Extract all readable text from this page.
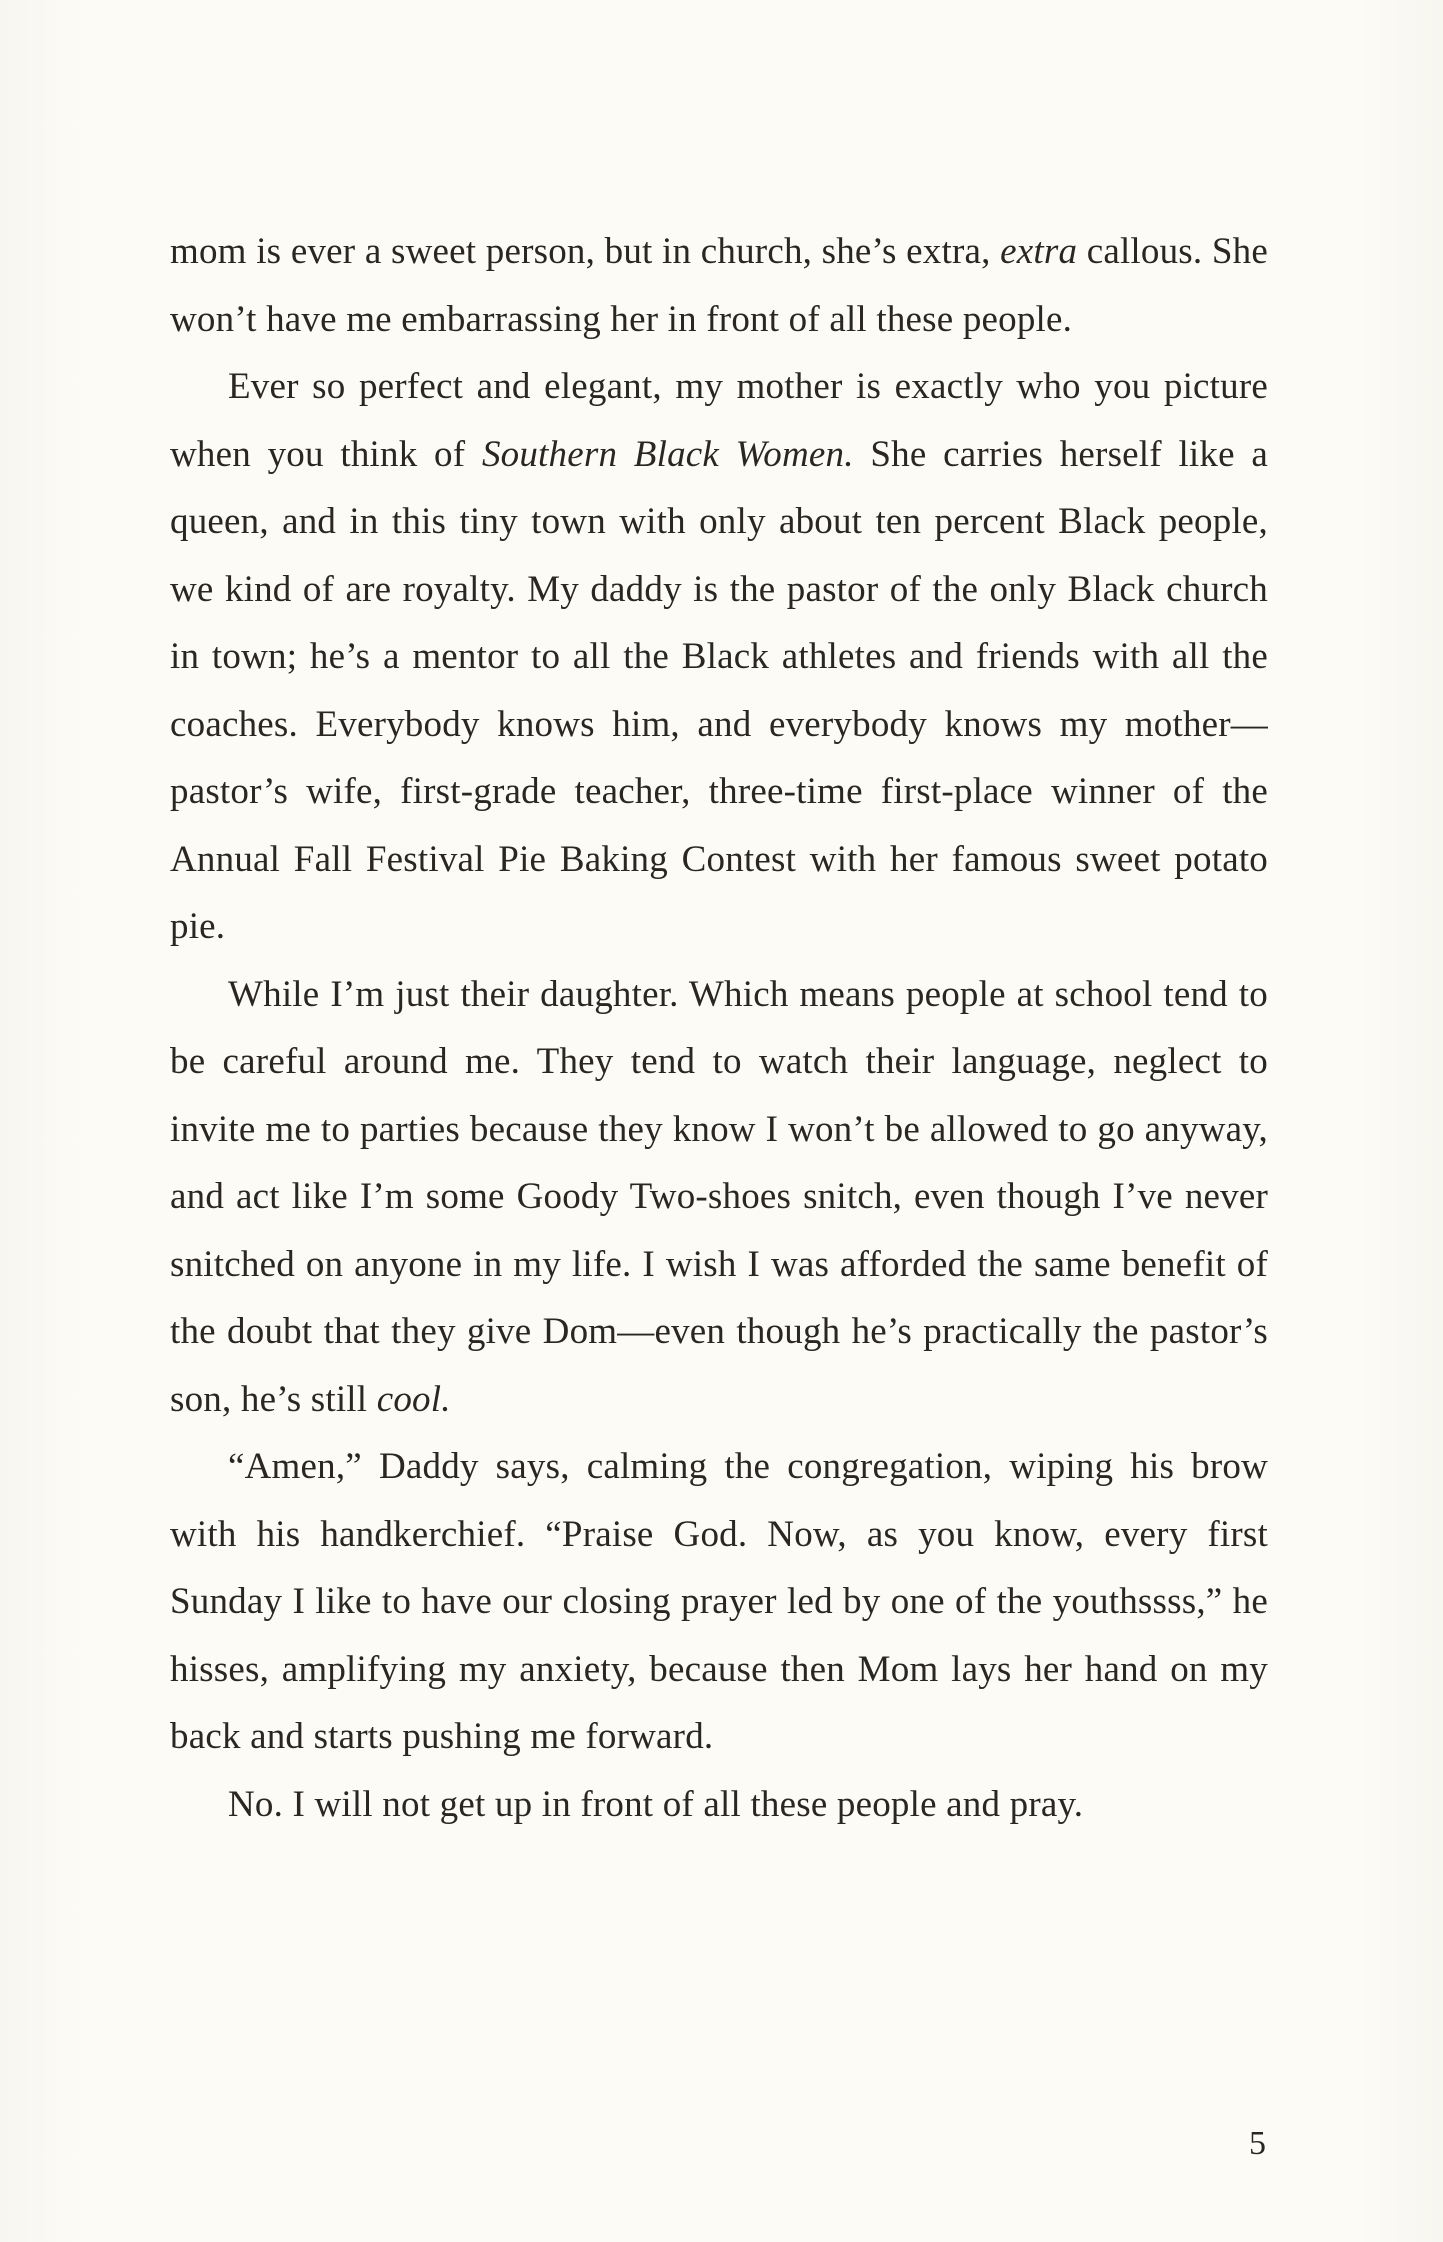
mom is ever a sweet person, but in church, she’s extra, extra callous. She won’t have me embarrassing her in front of all these people.

Ever so perfect and elegant, my mother is exactly who you picture when you think of Southern Black Women. She carries herself like a queen, and in this tiny town with only about ten percent Black people, we kind of are royalty. My daddy is the pastor of the only Black church in town; he’s a mentor to all the Black athletes and friends with all the coaches. Everybody knows him, and everybody knows my mother—pastor’s wife, first-grade teacher, three-time first-place winner of the Annual Fall Festival Pie Baking Contest with her famous sweet potato pie.

While I’m just their daughter. Which means people at school tend to be careful around me. They tend to watch their language, neglect to invite me to parties because they know I won’t be allowed to go anyway, and act like I’m some Goody Two-shoes snitch, even though I’ve never snitched on anyone in my life. I wish I was afforded the same benefit of the doubt that they give Dom—even though he’s practically the pastor’s son, he’s still cool.

“Amen,” Daddy says, calming the congregation, wiping his brow with his handkerchief. “Praise God. Now, as you know, every first Sunday I like to have our closing prayer led by one of the youthssss,” he hisses, amplifying my anxiety, because then Mom lays her hand on my back and starts pushing me forward.

No. I will not get up in front of all these people and pray.

5
